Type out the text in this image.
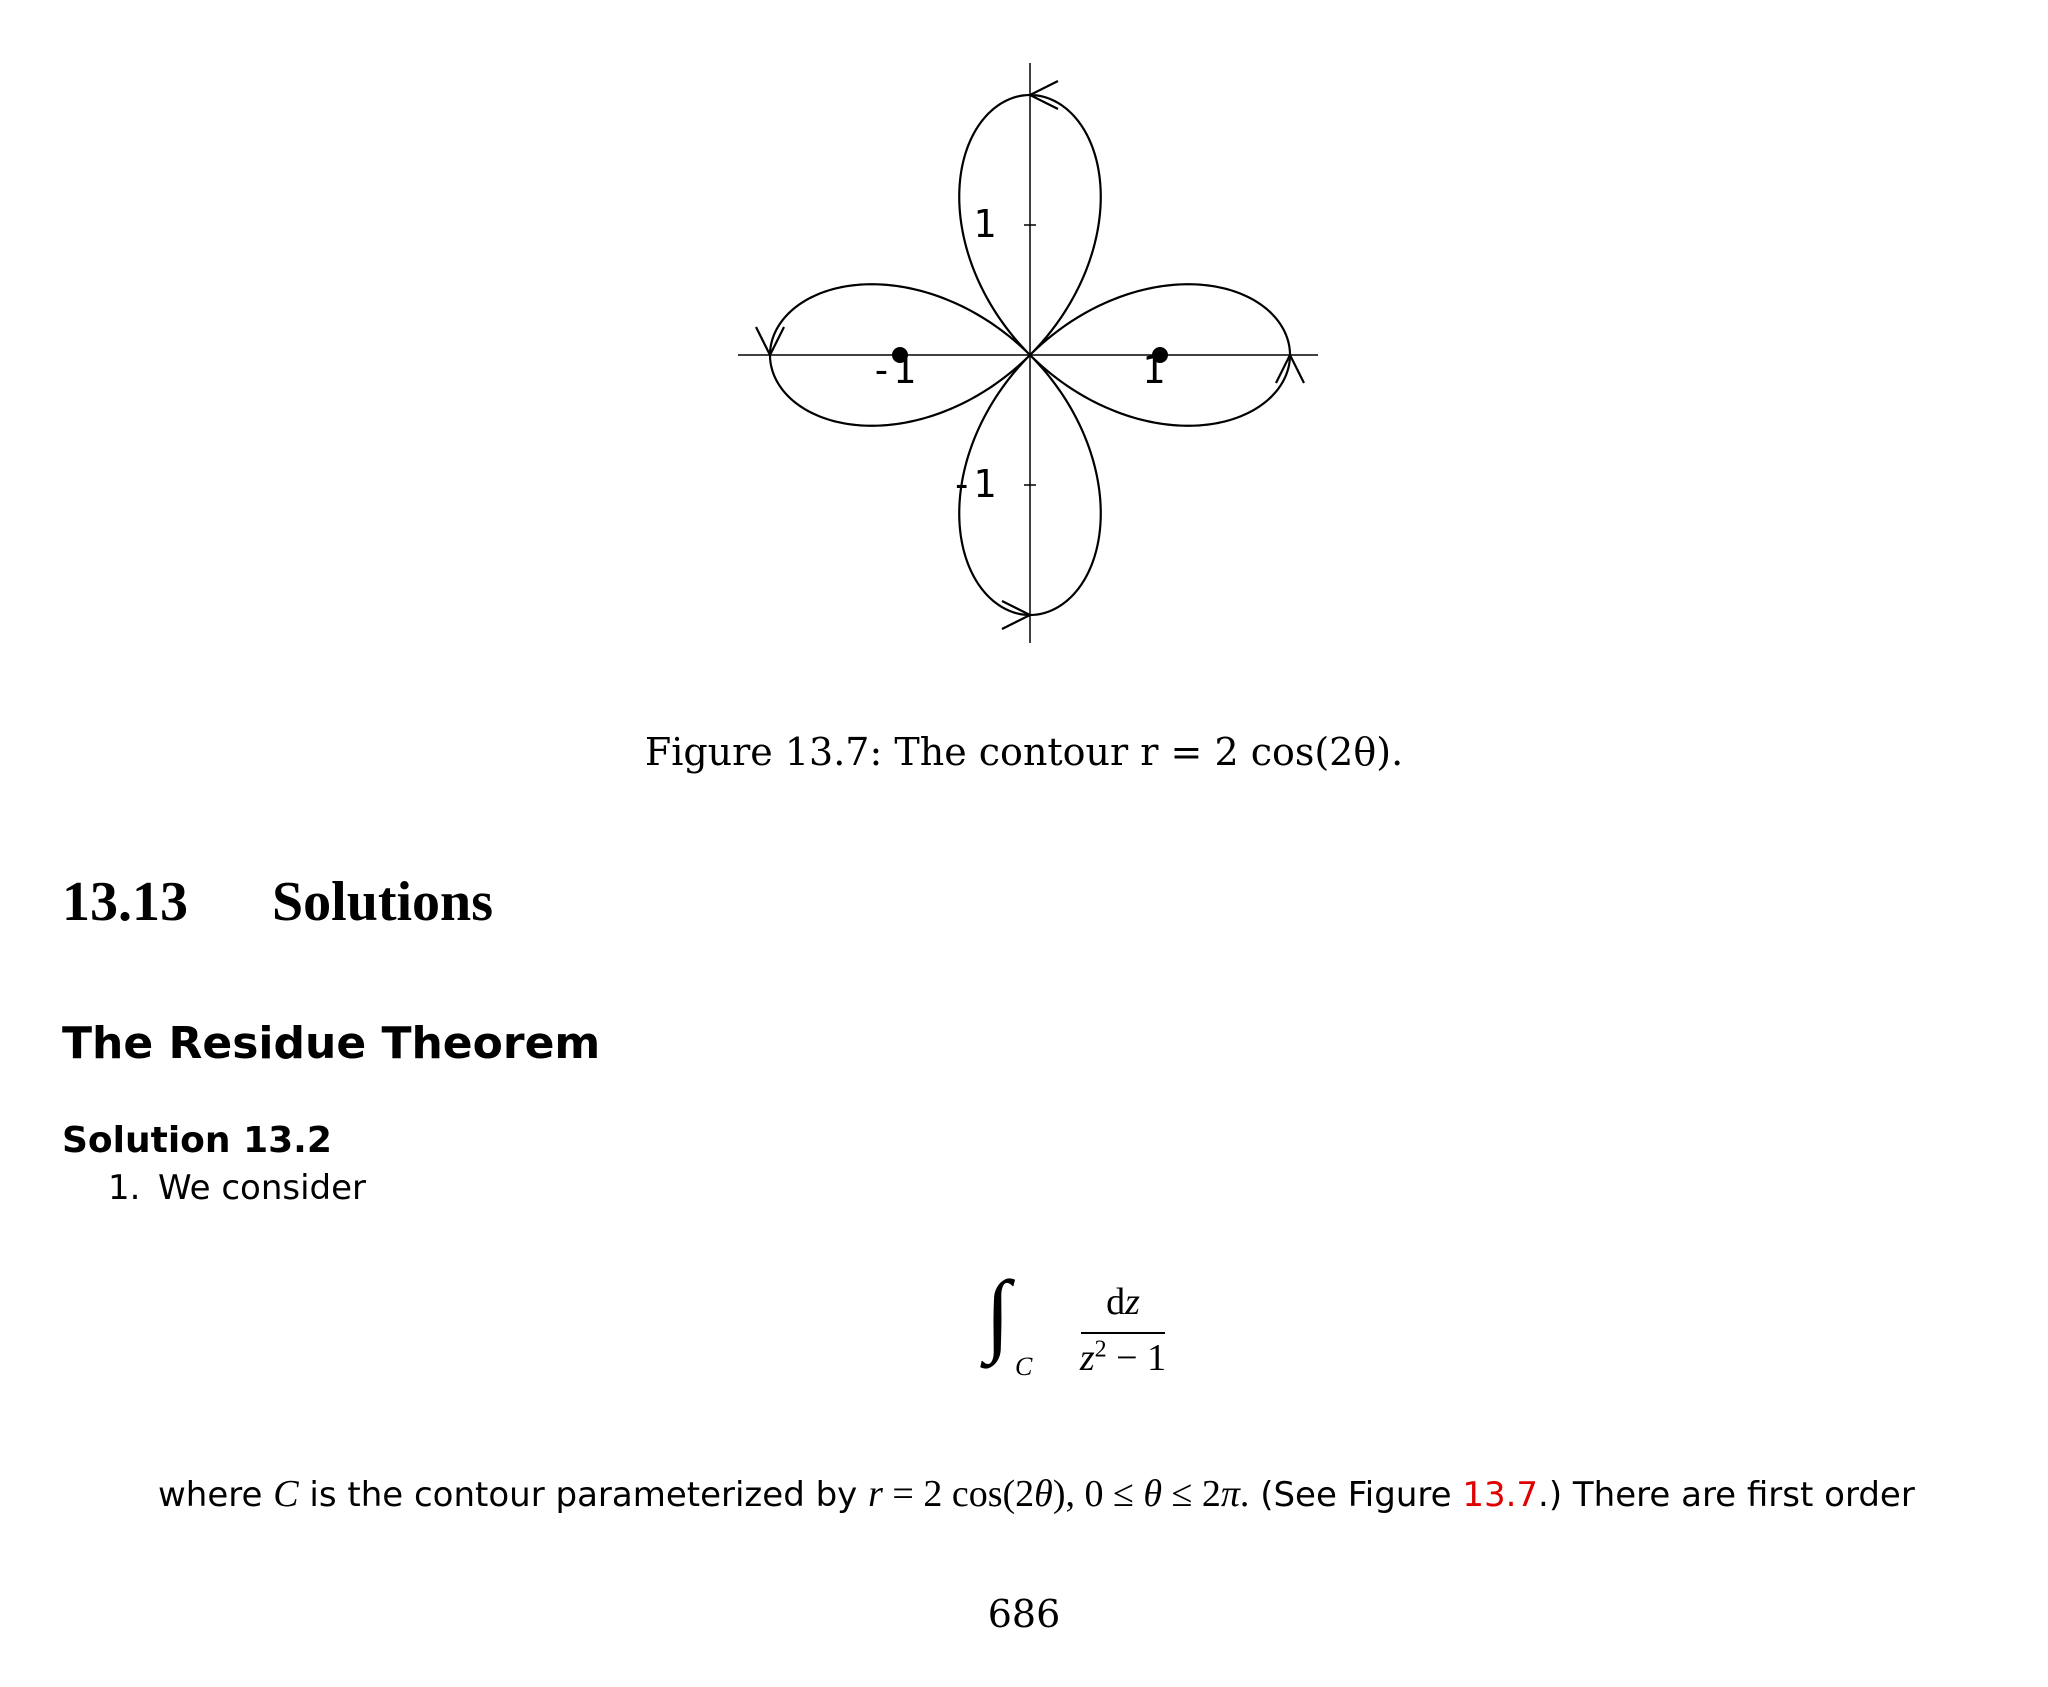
-1	1
1
-1
Figure 13.7: The contour r = 2 cos(2θ).
13.13 Solutions
The Residue Theorem
Solution 13.2
1. We consider
∫
C
dz
$z^2 - 1$
where C is the contour parameterized by r = 2 cos(2θ), 0 ≤ θ ≤ 2π. (See Figure 13.7.) There are first order
686
